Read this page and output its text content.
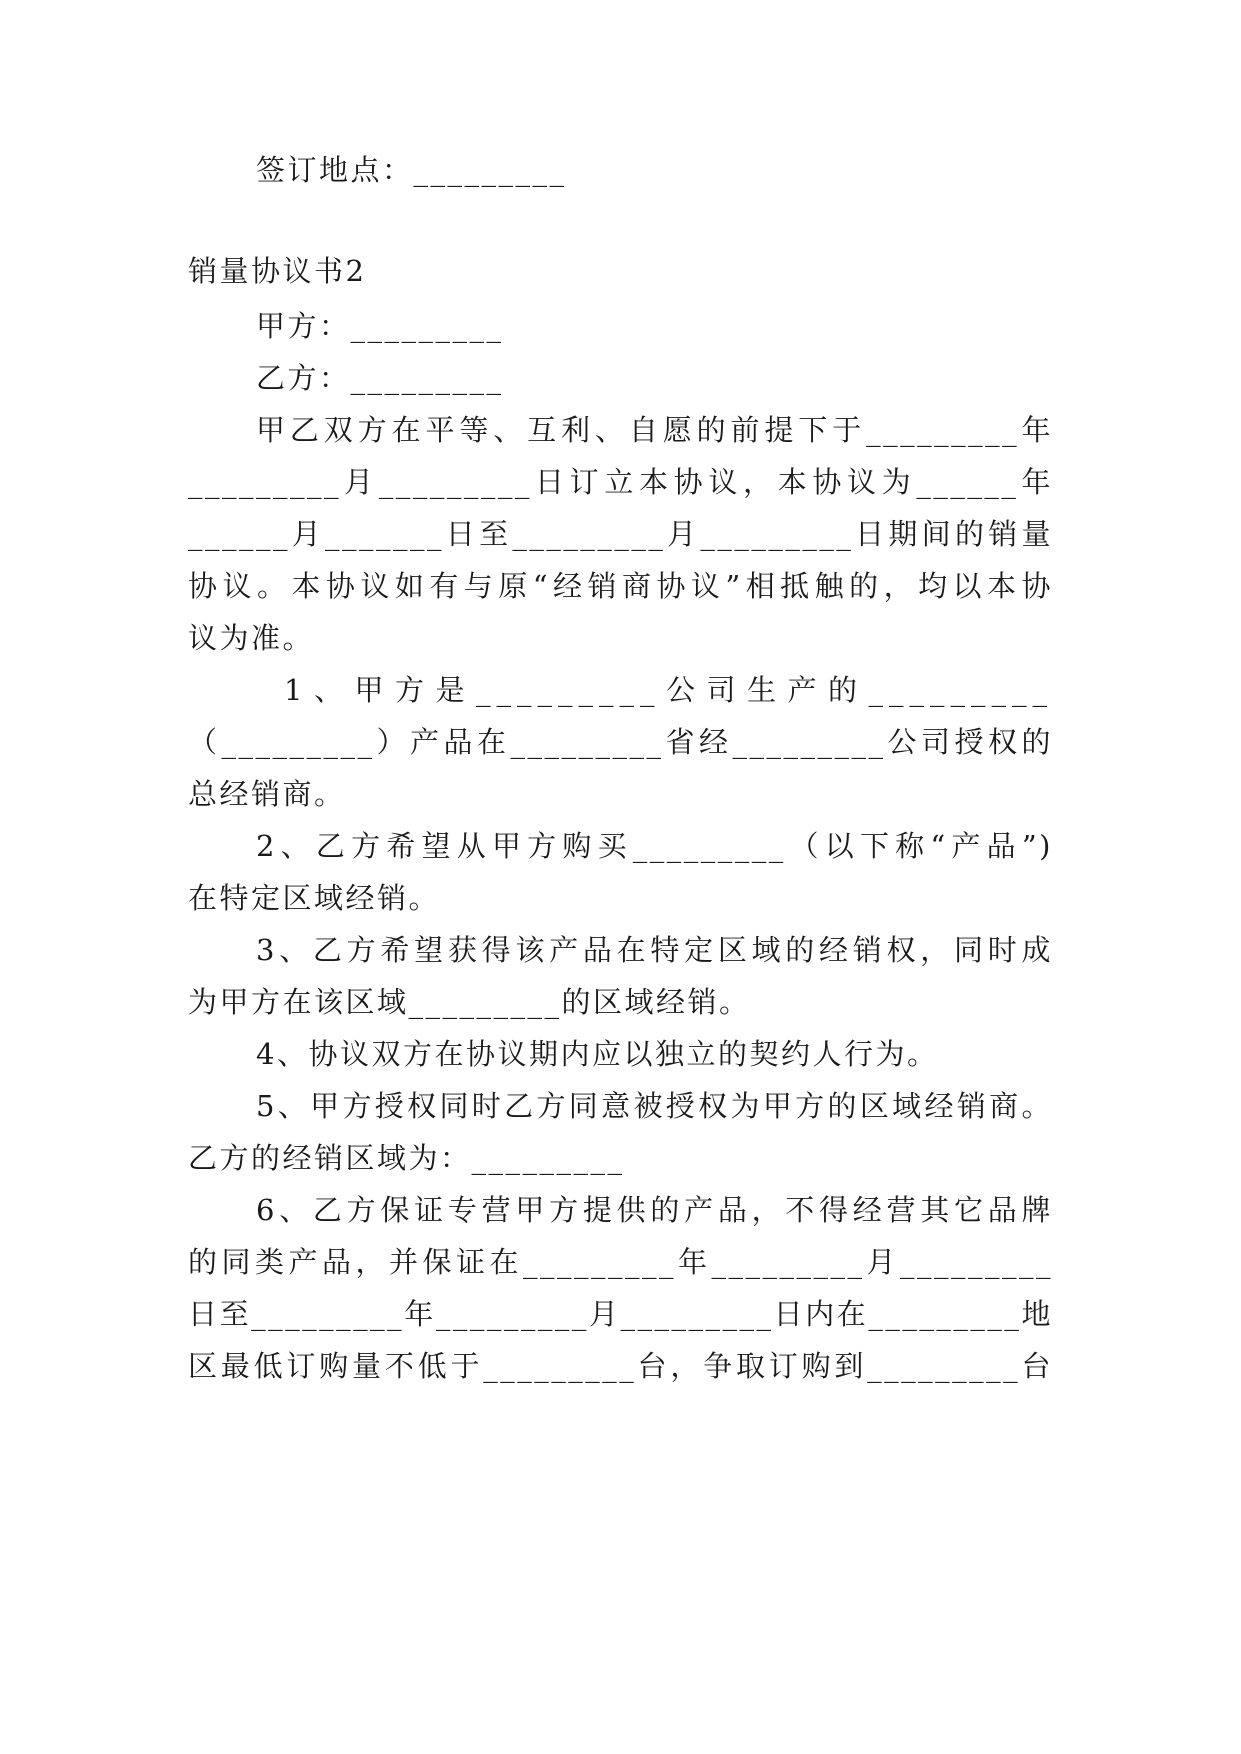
签订地点：_________
销量协议书2
甲方：_________
乙方：_________
甲乙双方在平等、互利、自愿的前提下于_________年
_________月_________日订立本协议，本协议为______年
______月_______日至_________月_________日期间的销量
协议。本协议如有与原“经销商协议”相抵触的，均以本协
议为准。
1、甲方是_________公司生产的_________
（_________）产品在_________省经_________公司授权的
总经销商。
2、乙方希望从甲方购买_________（以下称“产品”)
在特定区域经销。
3、乙方希望获得该产品在特定区域的经销权，同时成
为甲方在该区域_________的区域经销。
4、协议双方在协议期内应以独立的契约人行为。
5、甲方授权同时乙方同意被授权为甲方的区域经销商。
乙方的经销区域为：_________
6、乙方保证专营甲方提供的产品，不得经营其它品牌
的同类产品，并保证在_________年_________月_________
日至_________年_________月_________日内在_________地
区最低订购量不低于_________台，争取订购到_________台
